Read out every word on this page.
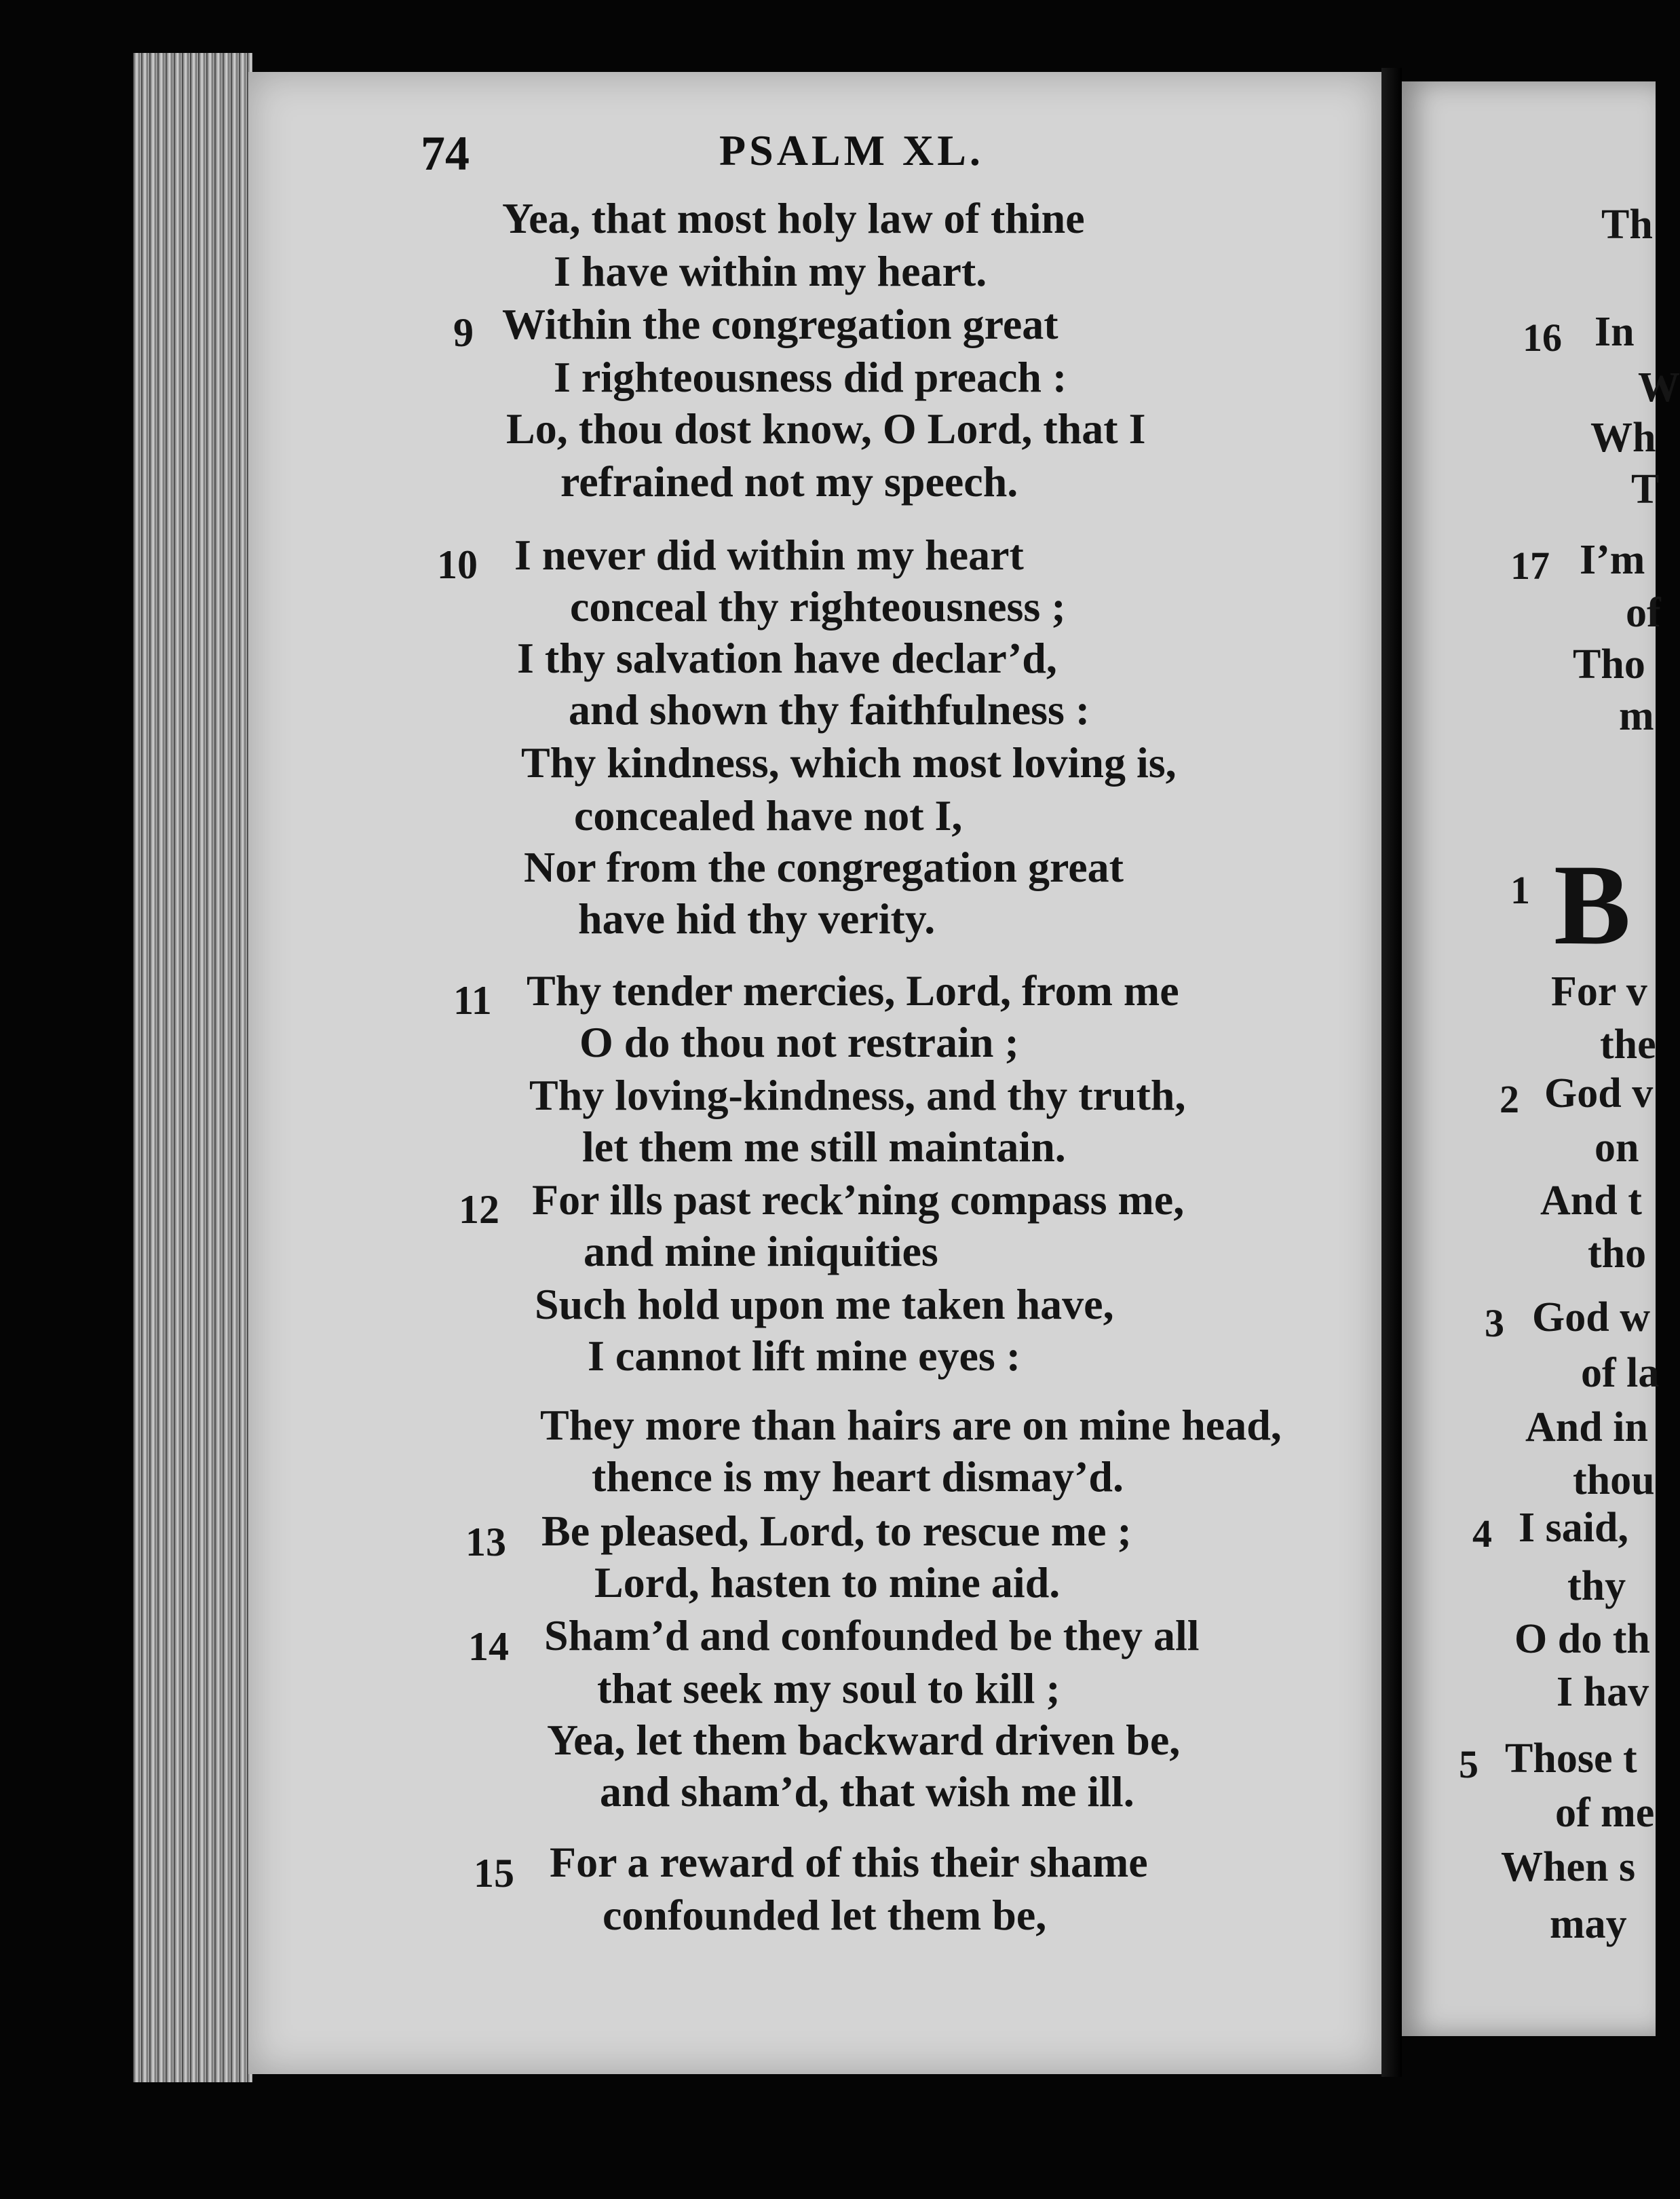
74	PSALM XL.
Yea, that most holy law of thine
I have within my heart.
9 Within the congregation great
I righteousness did preach :
Lo, thou dost know, O Lord, that I
refrained not my speech.
10 I never did within my heart
conceal thy righteousness ;
I thy salvation have declar’d,
and shown thy faithfulness :
Thy kindness, which most loving is,
concealed have not I,
Nor from the congregation great
have hid thy verity.
11 Thy tender mercies, Lord, from me
O do thou not restrain ;
Thy loving-kindness, and thy truth,
let them me still maintain.
12 For ills past reck’ning compass me,
and mine iniquities
Such hold upon me taken have,
I cannot lift mine eyes :
They more than hairs are on mine head,
thence is my heart dismay’d.
13 Be pleased, Lord, to rescue me ;
Lord, hasten to mine aid.
14 Sham’d and confounded be they all
that seek my soul to kill ;
Yea, let them backward driven be,
and sham’d, that wish me ill.
15 For a reward of this their shame
confounded let them be,
Th
16 In
W
Wh
T
17 I’m
of
Tho
m
1 B
For v
the
2 God v
on
And t
tho
3 God w
of la
And in
thou
4 I said,
thy
O do th
I hav
5 Those t
of me
When s
may
